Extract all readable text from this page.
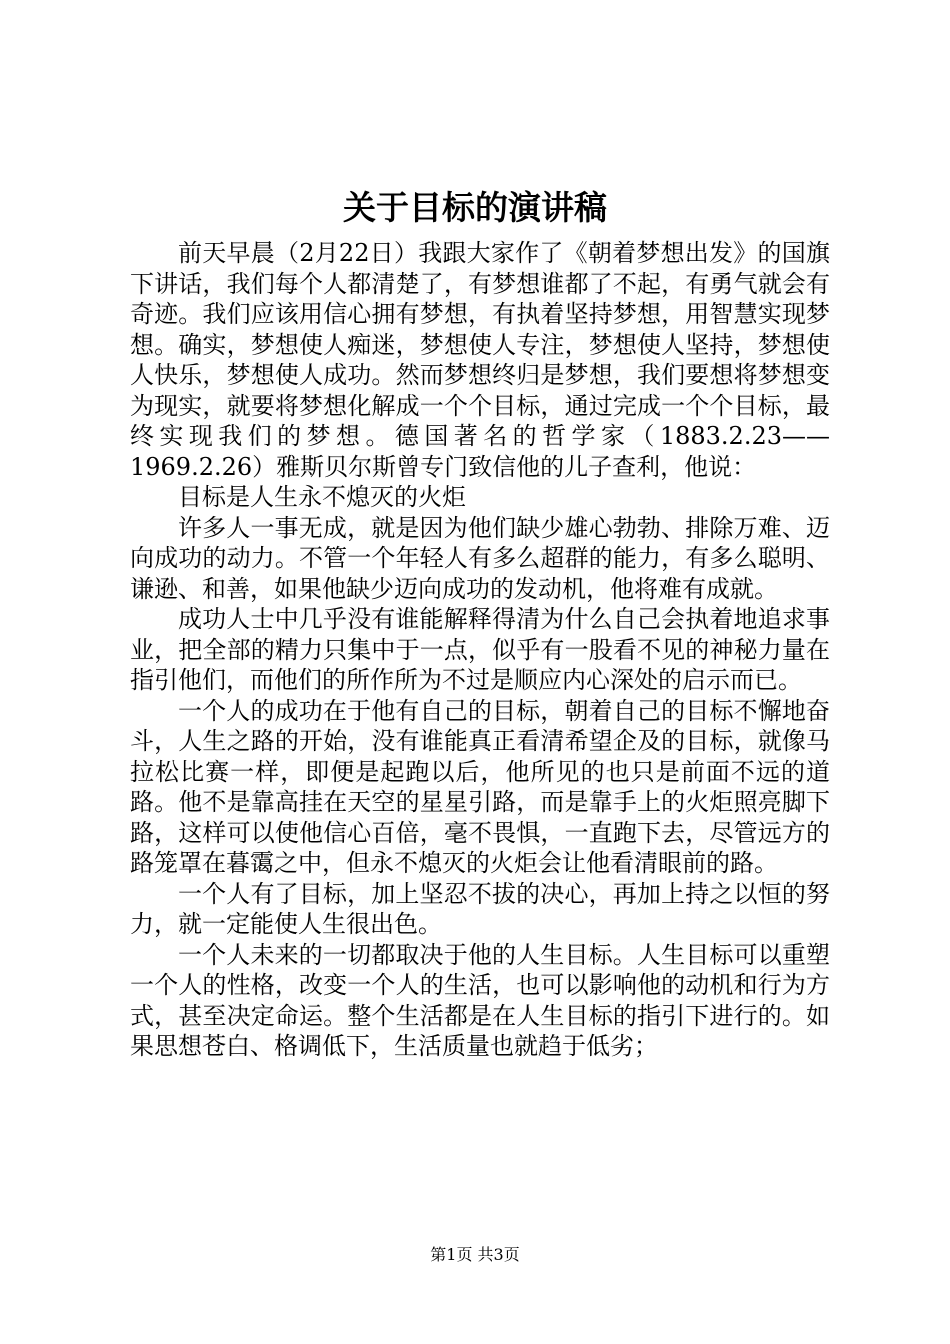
关于目标的演讲稿

前天早晨（2月22日）我跟大家作了《朝着梦想出发》的国旗下讲话，我们每个人都清楚了，有梦想谁都了不起，有勇气就会有奇迹。我们应该用信心拥有梦想，有执着坚持梦想，用智慧实现梦想。确实，梦想使人痴迷，梦想使人专注，梦想使人坚持，梦想使人快乐，梦想使人成功。然而梦想终归是梦想，我们要想将梦想变为现实，就要将梦想化解成一个个目标，通过完成一个个目标，最终实现我们的梦想。德国著名的哲学家（1883.2.23——1969.2.26）雅斯贝尔斯曾专门致信他的儿子查利，他说：

目标是人生永不熄灭的火炬

许多人一事无成，就是因为他们缺少雄心勃勃、排除万难、迈向成功的动力。不管一个年轻人有多么超群的能力，有多么聪明、谦逊、和善，如果他缺少迈向成功的发动机，他将难有成就。

成功人士中几乎没有谁能解释得清为什么自己会执着地追求事业，把全部的精力只集中于一点，似乎有一股看不见的神秘力量在指引他们，而他们的所作所为不过是顺应内心深处的启示而已。

一个人的成功在于他有自己的目标，朝着自己的目标不懈地奋斗，人生之路的开始，没有谁能真正看清希望企及的目标，就像马拉松比赛一样，即便是起跑以后，他所见的也只是前面不远的道路。他不是靠高挂在天空的星星引路，而是靠手上的火炬照亮脚下路，这样可以使他信心百倍，毫不畏惧，一直跑下去，尽管远方的路笼罩在暮霭之中，但永不熄灭的火炬会让他看清眼前的路。

一个人有了目标，加上坚忍不拔的决心，再加上持之以恒的努力，就一定能使人生很出色。

一个人未来的一切都取决于他的人生目标。人生目标可以重塑一个人的性格，改变一个人的生活，也可以影响他的动机和行为方式，甚至决定命运。整个生活都是在人生目标的指引下进行的。如果思想苍白、格调低下，生活质量也就趋于低劣；

第1页 共3页
